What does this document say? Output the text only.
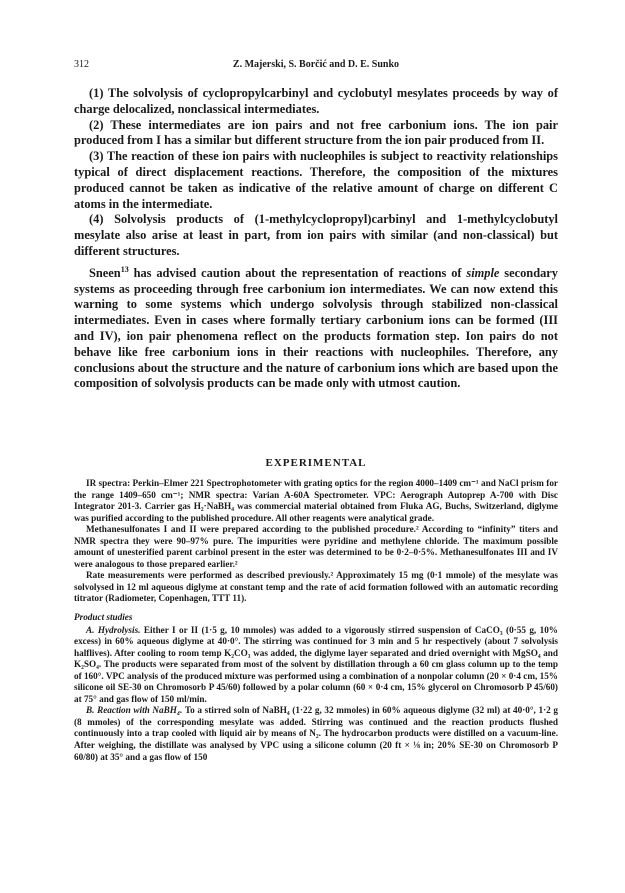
312	Z. Majerski, S. Borčić and D. E. Sunko

(1) The solvolysis of cyclopropylcarbinyl and cyclobutyl mesylates proceeds by way of charge delocalized, nonclassical intermediates.

(2) These intermediates are ion pairs and not free carbonium ions. The ion pair produced from I has a similar but different structure from the ion pair produced from II.

(3) The reaction of these ion pairs with nucleophiles is subject to reactivity relationships typical of direct displacement reactions. Therefore, the composition of the mixtures produced cannot be taken as indicative of the relative amount of charge on different C atoms in the intermediate.

(4) Solvolysis products of (1-methylcyclopropyl)carbinyl and 1-methylcyclobutyl mesylate also arise at least in part, from ion pairs with similar (and non-classical) but different structures.

Sneen$^{13}$ has advised caution about the representation of reactions of simple secondary systems as proceeding through free carbonium ion intermediates. We can now extend this warning to some systems which undergo solvolysis through stabilized non-classical intermediates. Even in cases where formally tertiary carbonium ions can be formed (III and IV), ion pair phenomena reflect on the products formation step. Ion pairs do not behave like free carbonium ions in their reactions with nucleophiles. Therefore, any conclusions about the structure and the nature of carbonium ions which are based upon the composition of solvolysis products can be made only with utmost caution.

EXPERIMENTAL

IR spectra: Perkin–Elmer 221 Spectrophotometer with grating optics for the region 4000–1409 cm⁻¹ and NaCl prism for the range 1409–650 cm⁻¹; NMR spectra: Varian A-60A Spectrometer. VPC: Aerograph Autoprep A-700 with Disc Integrator 201-3. Carrier gas H₂·NaBH₄ was commercial material obtained from Fluka AG, Buchs, Switzerland, diglyme was purified according to the published procedure. All other reagents were analytical grade.

Methanesulfonates I and II were prepared according to the published procedure.² According to “infinity” titers and NMR spectra they were 90–97% pure. The impurities were pyridine and methylene chloride. The maximum possible amount of unesterified parent carbinol present in the ester was determined to be 0·2–0·5%. Methanesulfonates III and IV were analogous to those prepared earlier.²

Rate measurements were performed as described previously.² Approximately 15 mg (0·1 mmole) of the mesylate was solvolysed in 12 ml aqueous diglyme at constant temp and the rate of acid formation followed with an automatic recording titrator (Radiometer, Copenhagen, TTT 11).

Product studies

A. Hydrolysis. Either I or II (1·5 g, 10 mmoles) was added to a vigorously stirred suspension of CaCO₃ (0·55 g, 10% excess) in 60% aqueous diglyme at 40·0°. The stirring was continued for 3 min and 5 hr respectively (about 7 solvolysis halflives). After cooling to room temp K₂CO₃ was added, the diglyme layer separated and dried overnight with MgSO₄ and K₂SO₄. The products were separated from most of the solvent by distillation through a 60 cm glass column up to the temp of 160°. VPC analysis of the produced mixture was performed using a combination of a nonpolar column (20 × 0·4 cm, 15% silicone oil SE-30 on Chromosorb P 45/60) followed by a polar column (60 × 0·4 cm, 15% glycerol on Chromosorb P 45/60) at 75° and gas flow of 150 ml/min.

B. Reaction with NaBH₄. To a stirred soln of NaBH₄ (1·22 g, 32 mmoles) in 60% aqueous diglyme (32 ml) at 40·0°, 1·2 g (8 mmoles) of the corresponding mesylate was added. Stirring was continued and the reaction products flushed continuously into a trap cooled with liquid air by means of N₂. The hydrocarbon products were distilled on a vacuum-line. After weighing, the distillate was analysed by VPC using a silicone column (20 ft × ⅛ in; 20% SE-30 on Chromosorb P 60/80) at 35° and a gas flow of 150
